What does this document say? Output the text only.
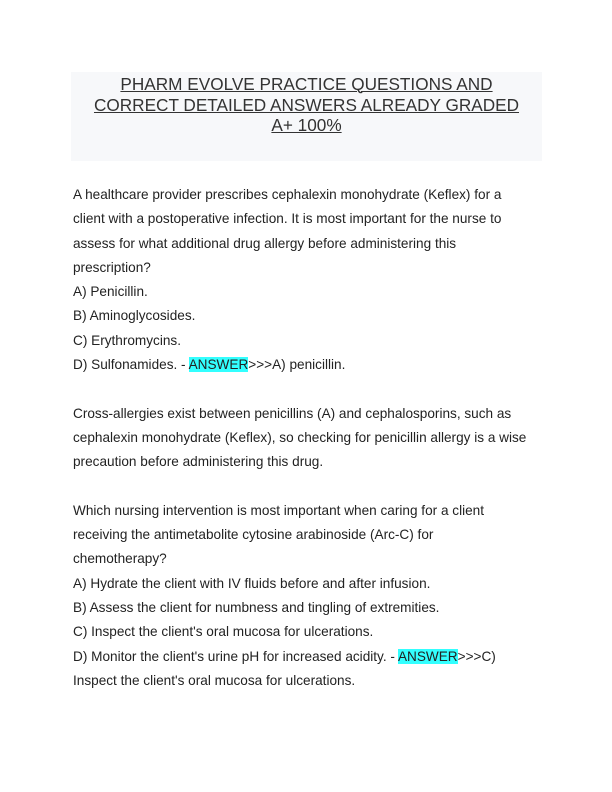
PHARM EVOLVE PRACTICE QUESTIONS AND
CORRECT DETAILED ANSWERS ALREADY GRADED
A+ 100%
A healthcare provider prescribes cephalexin monohydrate (Keflex) for a
client with a postoperative infection. It is most important for the nurse to
assess for what additional drug allergy before administering this
prescription?
A) Penicillin.
B) Aminoglycosides.
C) Erythromycins.
D) Sulfonamides. - ANSWER>>>A) penicillin.
Cross-allergies exist between penicillins (A) and cephalosporins, such as
cephalexin monohydrate (Keflex), so checking for penicillin allergy is a wise
precaution before administering this drug.
Which nursing intervention is most important when caring for a client
receiving the antimetabolite cytosine arabinoside (Arc-C) for
chemotherapy?
A) Hydrate the client with IV fluids before and after infusion.
B) Assess the client for numbness and tingling of extremities.
C) Inspect the client's oral mucosa for ulcerations.
D) Monitor the client's urine pH for increased acidity. - ANSWER>>>C)
Inspect the client's oral mucosa for ulcerations.
